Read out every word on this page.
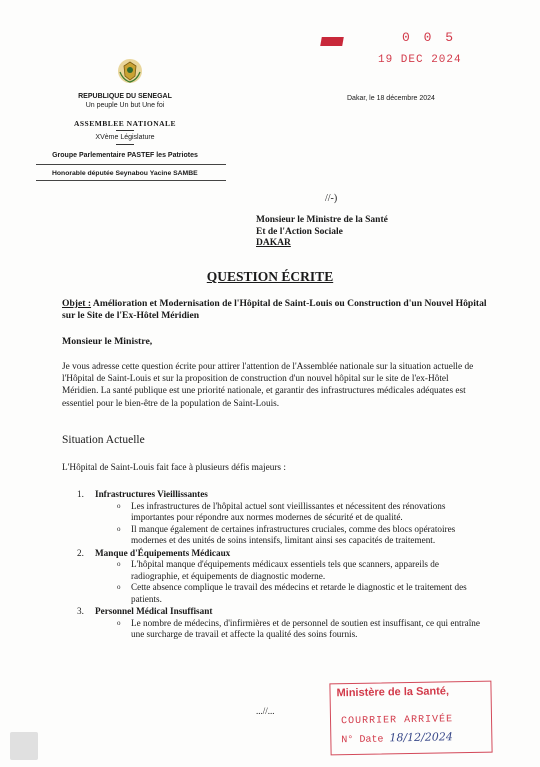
0 0 5
19 DEC 2024
REPUBLIQUE DU SENEGAL
Un peuple Un but Une foi
ASSEMBLEE NATIONALE
XVème Législature
Groupe Parlementaire PASTEF les Patriotes
Honorable députée Seynabou Yacine SAMBE
Dakar, le 18 décembre 2024
//-)
Monsieur le Ministre de la Santé
Et de l'Action Sociale
DAKAR
QUESTION ÉCRITE
Objet : Amélioration et Modernisation de l'Hôpital de Saint-Louis ou Construction d'un Nouvel Hôpital sur le Site de l'Ex-Hôtel Méridien
Monsieur le Ministre,
Je vous adresse cette question écrite pour attirer l'attention de l'Assemblée nationale sur la situation actuelle de l'Hôpital de Saint-Louis et sur la proposition de construction d'un nouvel hôpital sur le site de l'ex-Hôtel Méridien. La santé publique est une priorité nationale, et garantir des infrastructures médicales adéquates est essentiel pour le bien-être de la population de Saint-Louis.
Situation Actuelle
L'Hôpital de Saint-Louis fait face à plusieurs défis majeurs :
1. Infrastructures Vieillissantes
o Les infrastructures de l'hôpital actuel sont vieillissantes et nécessitent des rénovations importantes pour répondre aux normes modernes de sécurité et de qualité.
o Il manque également de certaines infrastructures cruciales, comme des blocs opératoires modernes et des unités de soins intensifs, limitant ainsi ses capacités de traitement.
2. Manque d'Équipements Médicaux
o L'hôpital manque d'équipements médicaux essentiels tels que scanners, appareils de radiographie, et équipements de diagnostic moderne.
o Cette absence complique le travail des médecins et retarde le diagnostic et le traitement des patients.
3. Personnel Médical Insuffisant
o Le nombre de médecins, d'infirmières et de personnel de soutien est insuffisant, ce qui entraîne une surcharge de travail et affecte la qualité des soins fournis.
...//...
Ministère de la Santé,
COURRIER ARRIVÉE
N° Date 18/12/2024
